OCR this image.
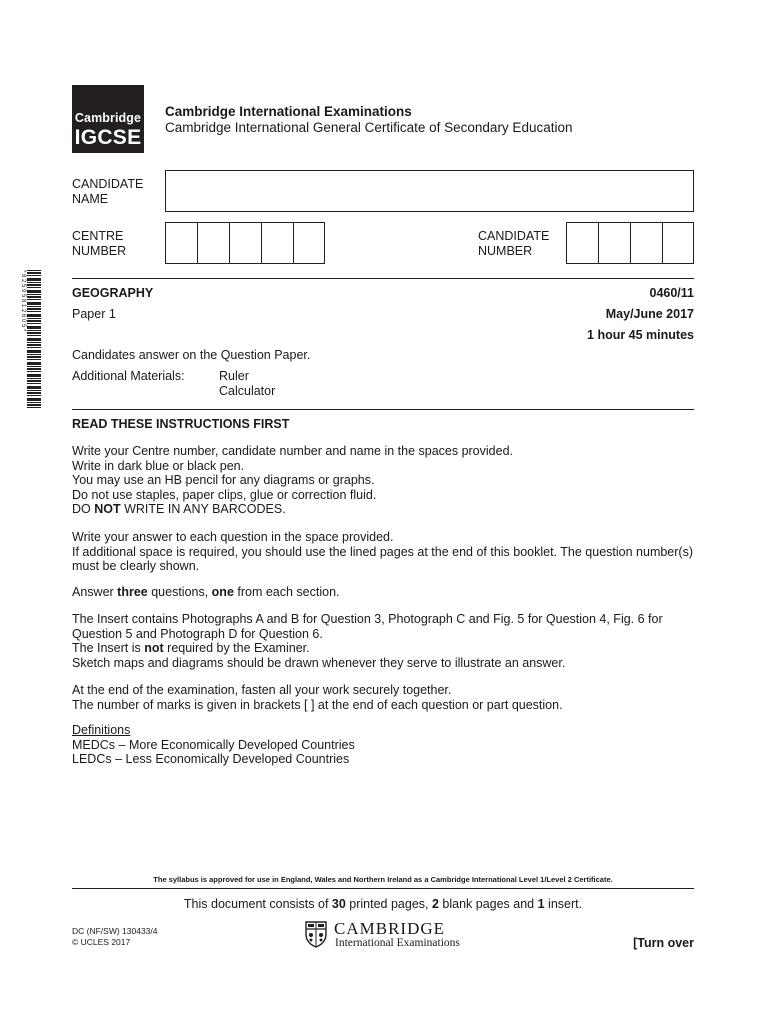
Cambridge
IGCSE
Cambridge International Examinations
Cambridge International General Certificate of Secondary Education
CANDIDATE
NAME
CENTRE
NUMBER
CANDIDATE
NUMBER
* 8 2 5 9 5 8 1 2 6 0 5 *	GEOGRAPHY	0460/11
Paper 1	May/June 2017
1 hour 45 minutes
Candidates answer on the Question Paper.
Additional Materials:	Ruler
Calculator
READ THESE INSTRUCTIONS FIRST

Write your Centre number, candidate number and name in the spaces provided.

Write in dark blue or black pen.

You may use an HB pencil for any diagrams or graphs.

Do not use staples, paper clips, glue or correction fluid.

DO NOT WRITE IN ANY BARCODES.

Write your answer to each question in the space provided.

If additional space is required, you should use the lined pages at the end of this booklet. The question number(s)

must be clearly shown.

Answer three questions, one from each section.

The Insert contains Photographs A and B for Question 3, Photograph C and Fig. 5 for Question 4, Fig. 6 for

Question 5 and Photograph D for Question 6.

The Insert is not required by the Examiner.

Sketch maps and diagrams should be drawn whenever they serve to illustrate an answer.

At the end of the examination, fasten all your work securely together.

The number of marks is given in brackets [ ] at the end of each question or part question.

Definitions

MEDCs – More Economically Developed Countries

LEDCs – Less Economically Developed Countries

The syllabus is approved for use in England, Wales and Northern Ireland as a Cambridge International Level 1/Level 2 Certificate.
This document consists of 30 printed pages, 2 blank pages and 1 insert.
DC (NF/SW) 130433/4
© UCLES 2017
CAMBRIDGE
International Examinations	[Turn over
